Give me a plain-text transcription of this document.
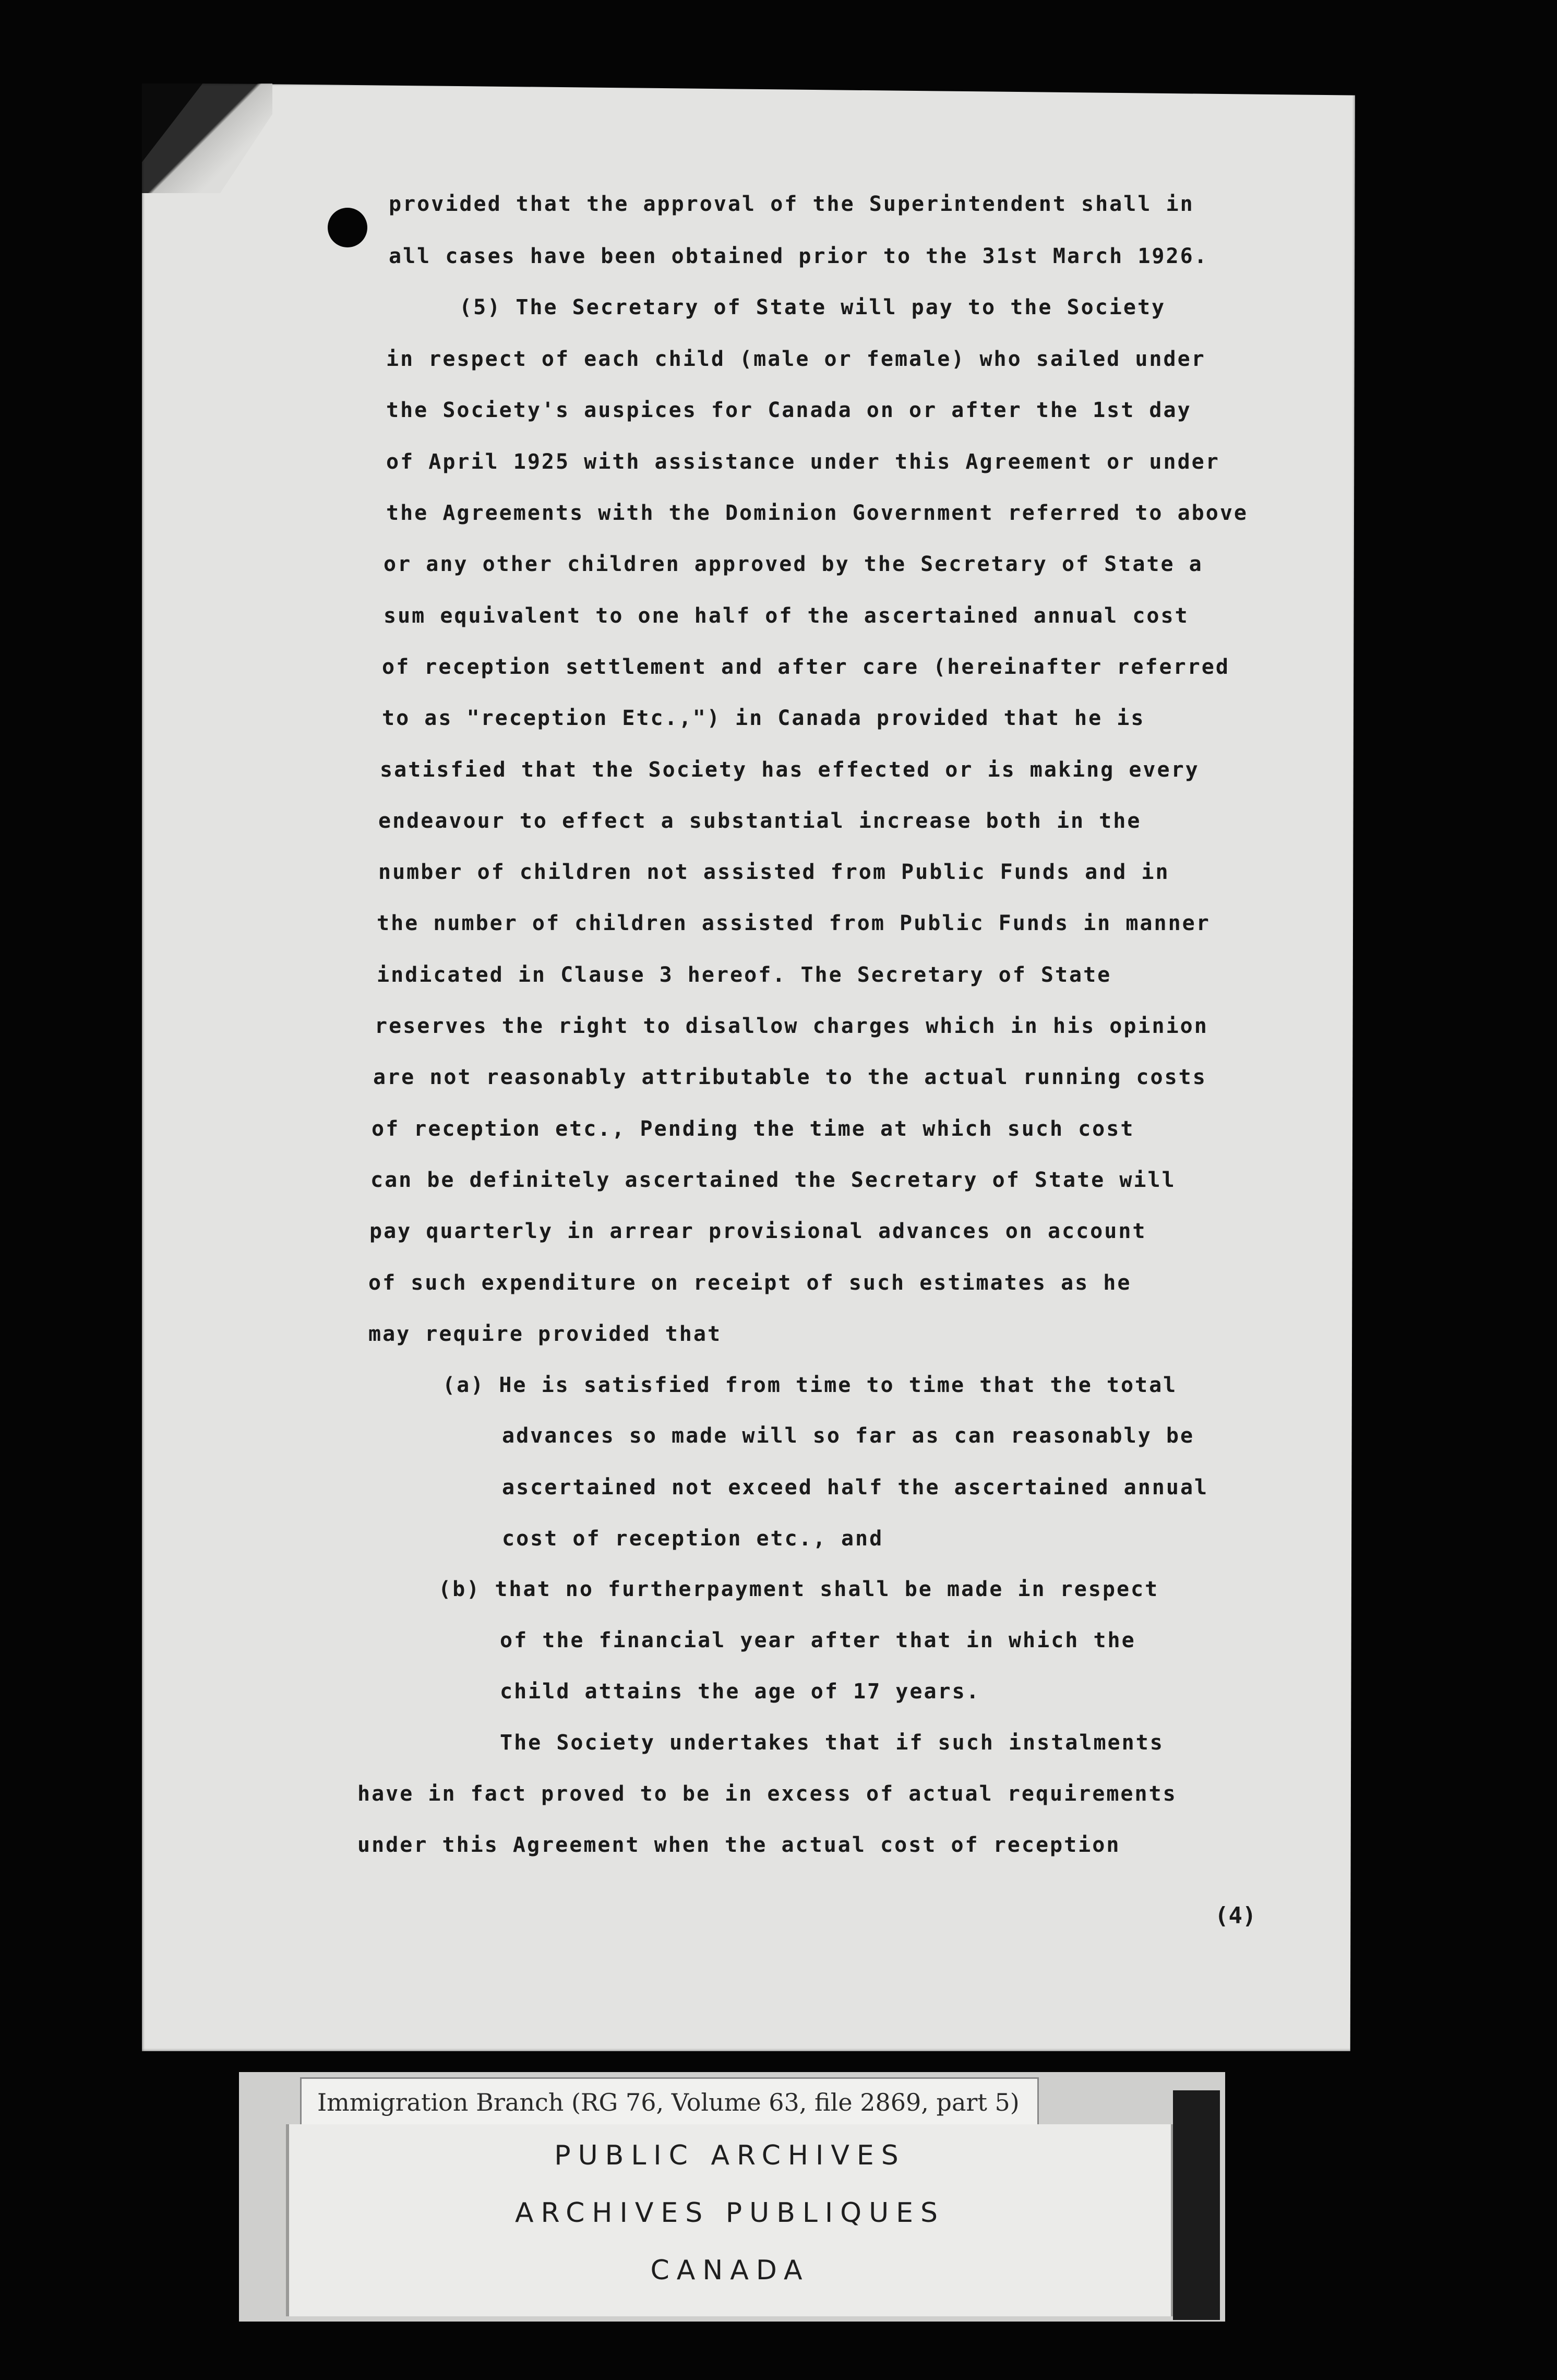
provided that the approval of the Superintendent shall in
all cases have been obtained prior to the 31st March 1926.
(5) The Secretary of State will pay to the Society
in respect of each child (male or female) who sailed under
the Society's auspices for Canada on or after the 1st day
of April 1925 with assistance under this Agreement or under
the Agreements with the Dominion Government referred to above
or any other children approved by the Secretary of State a
sum equivalent to one half of the ascertained annual cost
of reception settlement and after care (hereinafter referred
to as "reception Etc.,") in Canada provided that he is
satisfied that the Society has effected or is making every
endeavour to effect a substantial increase both in the
number of children not assisted from Public Funds and in
the number of children assisted from Public Funds in manner
indicated in Clause 3 hereof. The Secretary of State
reserves the right to disallow charges which in his opinion
are not reasonably attributable to the actual running costs
of reception etc., Pending the time at which such cost
can be definitely ascertained the Secretary of State will
pay quarterly in arrear provisional advances on account
of such expenditure on receipt of such estimates as he
may require provided that
(a) He is satisfied from time to time that the total
advances so made will so far as can reasonably be
ascertained not exceed half the ascertained annual
cost of reception etc., and
(b) that no furtherpayment shall be made in respect
of the financial year after that in which the
child attains the age of 17 years.
The Society undertakes that if such instalments
have in fact proved to be in excess of actual requirements
under this Agreement when the actual cost of reception
(4)
Immigration Branch (RG 76, Volume 63, file 2869, part 5)
PUBLIC ARCHIVES
ARCHIVES PUBLIQUES
CANADA
